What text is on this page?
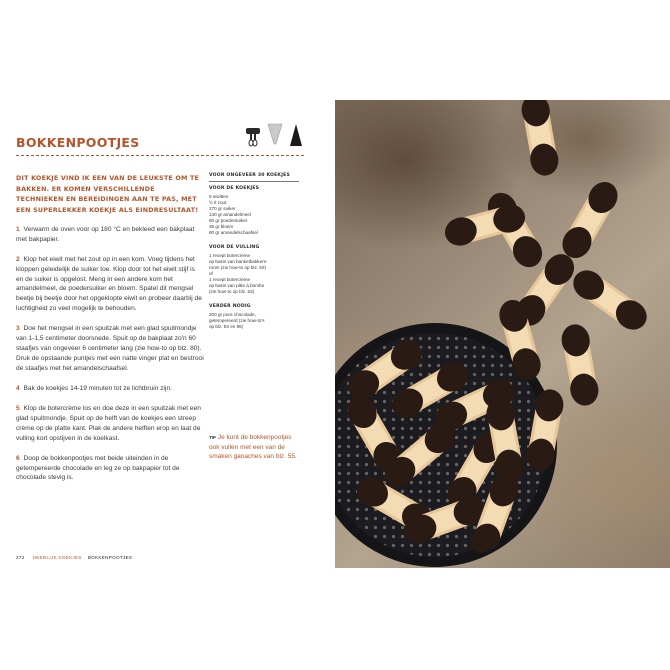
BOKKENPOOTJES
DIT KOEKJE VIND IK EEN VAN DE LEUKSTE OM TE BAKKEN. ER KOMEN VERSCHILLENDE TECHNIEKEN EN BEREIDINGEN AAN TE PAS, MET EEN SUPERLEKKER KOEKJE ALS EINDRESULTAAT!

1 Verwarm de oven voor op 180 °C en bekleed een bakplaat met bakpapier.

2 Klop het eiwit met het zout op in een kom. Voeg tijdens het kloppen geleidelijk de suiker toe. Klop door tot het eiwit stijf is en de suiker is opgelost. Meng in een andere kom het amandelmeel, de poedersuiker en bloem. Spatel dit mengsel beetje bij beetje door het opgeklopte eiwit en probeer daarbij de luchtigheid zo veel mogelijk te behouden.

3 Doe het mengsel in een spuitzak met een glad spuitmondje van 1-1,5 centimeter doorsnede. Spuit op de bakplaat zo'n 60 staafjes van ongeveer 6 centimeter lang (zie how-to op blz. 80). Druk de opstaande puntjes met een natte vinger plat en bestrooi de staafjes met het amandelschaafsel.

4 Bak de koekjes 14-19 minuten tot ze lichtbruin zijn.

5 Klop de botercrème los en doe deze in een spuitzak met een glad spuitmondje. Spuit op de helft van de koekjes een streep crème op de platte kant. Plak de andere helften erop en laat de vulling kort opstijven in de koelkast.

6 Doop de bokkenpootjes met beide uiteinden in de getempereerde chocolade en leg ze op bakpapier tot de chocolade stevig is.

VOOR ONGEVEER 30 KOEKJES
VOOR DE KOEKJES
5 eiwitten
½ tl zout
270 gr suiker
140 gr amandelmeel
60 gr poedersuiker
35 gr bloem
60 gr amandelschaafsel
VOOR DE VULLING
1 recept botercrème
op basis van banketbakkers-
room (zie how-to op blz. 60)
of
1 recept botercrème
op basis van pâte à bombe
(zie how-to op blz. 63)
VERDER NODIG
200 gr pure chocolade,
getempereerd (zie how-to's
op blz. 83 en 86)
TIP Je kunt de bokkenpootjes ook vullen met een van de smaken ganaches van blz. 55.
272 HEERLIJK KOEKJES BOKKENPOOTJES
